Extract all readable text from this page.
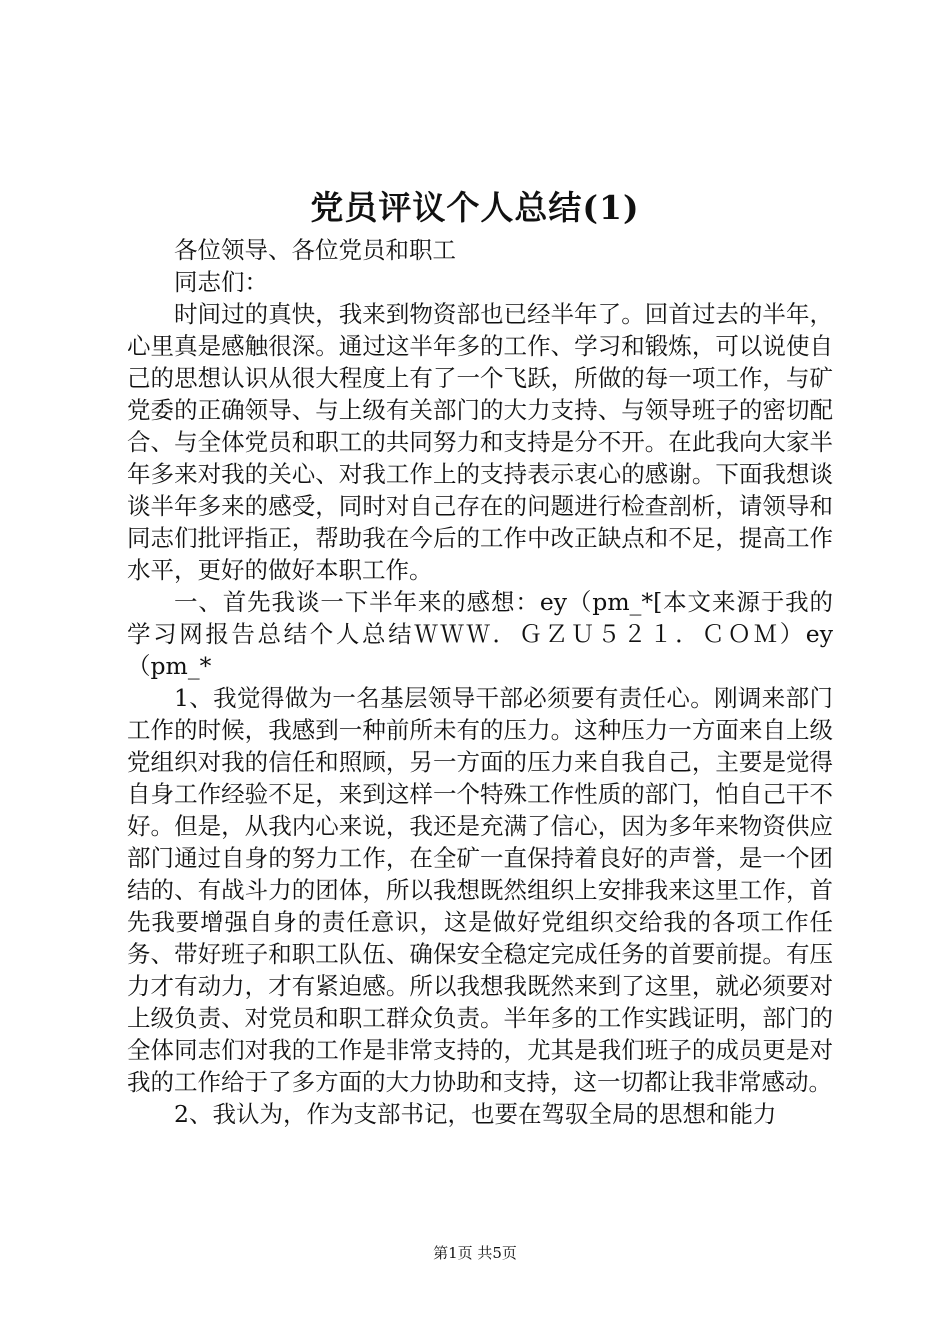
党员评议个人总结(1)

各位领导、各位党员和职工

同志们：

时间过的真快，我来到物资部也已经半年了。回首过去的半年，心里真是感触很深。通过这半年多的工作、学习和锻炼，可以说使自己的思想认识从很大程度上有了一个飞跃，所做的每一项工作，与矿党委的正确领导、与上级有关部门的大力支持、与领导班子的密切配合、与全体党员和职工的共同努力和支持是分不开。在此我向大家半年多来对我的关心、对我工作上的支持表示衷心的感谢。下面我想谈谈半年多来的感受，同时对自己存在的问题进行检查剖析，请领导和同志们批评指正，帮助我在今后的工作中改正缺点和不足，提高工作水平，更好的做好本职工作。

一、首先我谈一下半年来的感想：ey（pm_*[本文来源于我的学习网报告总结个人总结ＷＷＷ．ＧＺＵ５２１．ＣＯＭ）ey（pm_*

1、我觉得做为一名基层领导干部必须要有责任心。刚调来部门工作的时候，我感到一种前所未有的压力。这种压力一方面来自上级党组织对我的信任和照顾，另一方面的压力来自我自己，主要是觉得自身工作经验不足，来到这样一个特殊工作性质的部门，怕自己干不好。但是，从我内心来说，我还是充满了信心，因为多年来物资供应部门通过自身的努力工作，在全矿一直保持着良好的声誉，是一个团结的、有战斗力的团体，所以我想既然组织上安排我来这里工作，首先我要增强自身的责任意识，这是做好党组织交给我的各项工作任务、带好班子和职工队伍、确保安全稳定完成任务的首要前提。有压力才有动力，才有紧迫感。所以我想我既然来到了这里，就必须要对上级负责、对党员和职工群众负责。半年多的工作实践证明，部门的全体同志们对我的工作是非常支持的，尤其是我们班子的成员更是对我的工作给于了多方面的大力协助和支持，这一切都让我非常感动。

2、我认为，作为支部书记，也要在驾驭全局的思想和能力

第1页 共5页
